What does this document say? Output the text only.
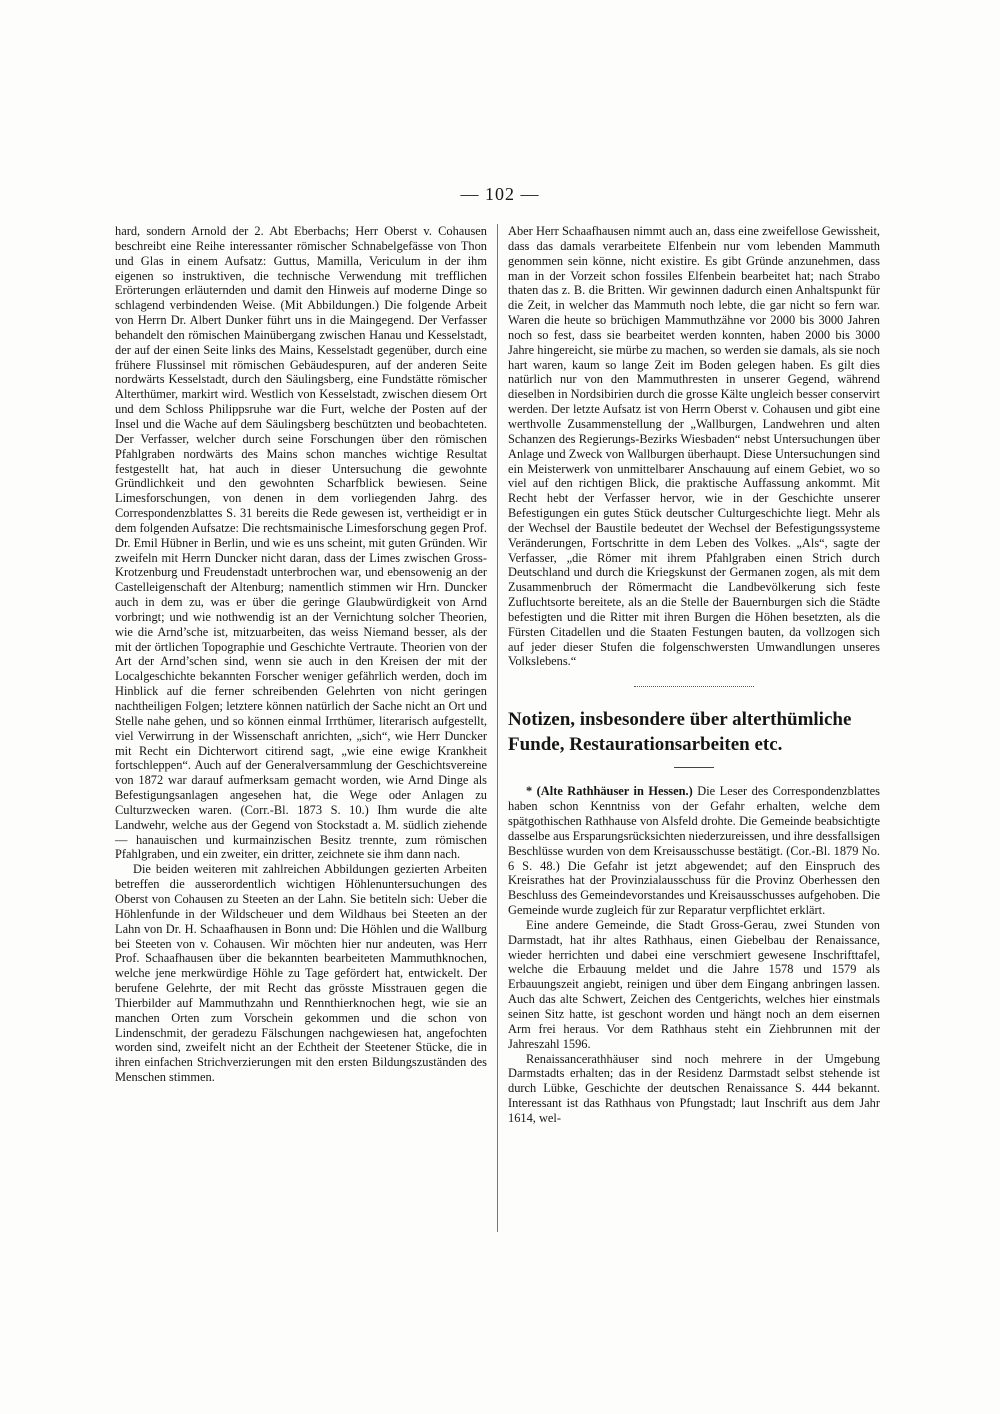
— 102 —

hard, sondern Arnold der 2. Abt Eberbachs; Herr Oberst v. Cohausen beschreibt eine Reihe interessanter römischer Schnabelgefässe von Thon und Glas in einem Aufsatz: Guttus, Mamilla, Vericulum in der ihm eigenen so instruktiven, die technische Verwendung mit trefflichen Erörterungen erläuternden und damit den Hinweis auf moderne Dinge so schlagend verbindenden Weise. (Mit Abbildungen.) Die folgende Arbeit von Herrn Dr. Albert Dunker führt uns in die Maingegend. Der Verfasser behandelt den römischen Mainübergang zwischen Hanau und Kesselstadt, der auf der einen Seite links des Mains, Kesselstadt gegenüber, durch eine frühere Flussinsel mit römischen Gebäudespuren, auf der anderen Seite nordwärts Kesselstadt, durch den Säulingsberg, eine Fundstätte römischer Alterthümer, markirt wird. Westlich von Kesselstadt, zwischen diesem Ort und dem Schloss Philippsruhe war die Furt, welche der Posten auf der Insel und die Wache auf dem Säulingsberg beschützten und beobachteten. Der Verfasser, welcher durch seine Forschungen über den römischen Pfahlgraben nordwärts des Mains schon manches wichtige Resultat festgestellt hat, hat auch in dieser Untersuchung die gewohnte Gründlichkeit und den gewohnten Scharfblick bewiesen. Seine Limesforschungen, von denen in dem vorliegenden Jahrg. des Correspondenzblattes S. 31 bereits die Rede gewesen ist, vertheidigt er in dem folgenden Aufsatze: Die rechtsmainische Limesforschung gegen Prof. Dr. Emil Hübner in Berlin, und wie es uns scheint, mit guten Gründen. Wir zweifeln mit Herrn Duncker nicht daran, dass der Limes zwischen Gross-Krotzenburg und Freudenstadt unterbrochen war, und ebensowenig an der Castelleigenschaft der Altenburg; namentlich stimmen wir Hrn. Duncker auch in dem zu, was er über die geringe Glaubwürdigkeit von Arnd vorbringt; und wie nothwendig ist an der Vernichtung solcher Theorien, wie die Arnd’sche ist, mitzuarbeiten, das weiss Niemand besser, als der mit der örtlichen Topographie und Geschichte Vertraute. Theorien von der Art der Arnd’schen sind, wenn sie auch in den Kreisen der mit der Localgeschichte bekannten Forscher weniger gefährlich werden, doch im Hinblick auf die ferner schreibenden Gelehrten von nicht geringen nachtheiligen Folgen; letztere können natürlich der Sache nicht an Ort und Stelle nahe gehen, und so können einmal Irrthümer, literarisch aufgestellt, viel Verwirrung in der Wissenschaft anrichten, „sich“, wie Herr Duncker mit Recht ein Dichterwort citirend sagt, „wie eine ewige Krankheit fortschleppen“. Auch auf der Generalversammlung der Geschichtsvereine von 1872 war darauf aufmerksam gemacht worden, wie Arnd Dinge als Befestigungsanlagen angesehen hat, die Wege oder Anlagen zu Culturzwecken waren. (Corr.-Bl. 1873 S. 10.) Ihm wurde die alte Landwehr, welche aus der Gegend von Stockstadt a. M. südlich ziehende — hanauischen und kurmainzischen Besitz trennte, zum römischen Pfahlgraben, und ein zweiter, ein dritter, zeichnete sie ihm dann nach.

Die beiden weiteren mit zahlreichen Abbildungen gezierten Arbeiten betreffen die ausserordentlich wichtigen Höhlenuntersuchungen des Oberst von Cohausen zu Steeten an der Lahn. Sie betiteln sich: Ueber die Höhlenfunde in der Wildscheuer und dem Wildhaus bei Steeten an der Lahn von Dr. H. Schaafhausen in Bonn und: Die Höhlen und die Wallburg bei Steeten von v. Cohausen. Wir möchten hier nur andeuten, was Herr Prof. Schaafhausen über die bekannten bearbeiteten Mammuthknochen, welche jene merkwürdige Höhle zu Tage gefördert hat, entwickelt. Der berufene Gelehrte, der mit Recht das grösste Misstrauen gegen die Thierbilder auf Mammuthzahn und Rennthierknochen hegt, wie sie an manchen Orten zum Vorschein gekommen und die schon von Lindenschmit, der geradezu Fälschungen nachgewiesen hat, angefochten worden sind, zweifelt nicht an der Echtheit der Steetener Stücke, die in ihren einfachen Strichverzierungen mit den ersten Bildungszuständen des Menschen stimmen.

Aber Herr Schaafhausen nimmt auch an, dass eine zweifellose Gewissheit, dass das damals verarbeitete Elfenbein nur vom lebenden Mammuth genommen sein könne, nicht existire. Es gibt Gründe anzunehmen, dass man in der Vorzeit schon fossiles Elfenbein bearbeitet hat; nach Strabo thaten das z. B. die Britten. Wir gewinnen dadurch einen Anhaltspunkt für die Zeit, in welcher das Mammuth noch lebte, die gar nicht so fern war. Waren die heute so brüchigen Mammuthzähne vor 2000 bis 3000 Jahren noch so fest, dass sie bearbeitet werden konnten, haben 2000 bis 3000 Jahre hingereicht, sie mürbe zu machen, so werden sie damals, als sie noch hart waren, kaum so lange Zeit im Boden gelegen haben. Es gilt dies natürlich nur von den Mammuthresten in unserer Gegend, während dieselben in Nordsibirien durch die grosse Kälte ungleich besser conservirt werden. Der letzte Aufsatz ist von Herrn Oberst v. Cohausen und gibt eine werthvolle Zusammenstellung der „Wallburgen, Landwehren und alten Schanzen des Regierungs-Bezirks Wiesbaden“ nebst Untersuchungen über Anlage und Zweck von Wallburgen überhaupt. Diese Untersuchungen sind ein Meisterwerk von unmittelbarer Anschauung auf einem Gebiet, wo so viel auf den richtigen Blick, die praktische Auffassung ankommt. Mit Recht hebt der Verfasser hervor, wie in der Geschichte unserer Befestigungen ein gutes Stück deutscher Culturgeschichte liegt. Mehr als der Wechsel der Baustile bedeutet der Wechsel der Befestigungssysteme Veränderungen, Fortschritte in dem Leben des Volkes. „Als“, sagte der Verfasser, „die Römer mit ihrem Pfahlgraben einen Strich durch Deutschland und durch die Kriegskunst der Germanen zogen, als mit dem Zusammenbruch der Römermacht die Landbevölkerung sich feste Zufluchtsorte bereitete, als an die Stelle der Bauernburgen sich die Städte befestigten und die Ritter mit ihren Burgen die Höhen besetzten, als die Fürsten Citadellen und die Staaten Festungen bauten, da vollzogen sich auf jeder dieser Stufen die folgenschwersten Umwandlungen unseres Volkslebens.“

Notizen, insbesondere über alterthümliche Funde, Restaurationsarbeiten etc.

* (Alte Rathhäuser in Hessen.) Die Leser des Correspondenzblattes haben schon Kenntniss von der Gefahr erhalten, welche dem spätgothischen Rathhause von Alsfeld drohte. Die Gemeinde beabsichtigte dasselbe aus Ersparungsrücksichten niederzureissen, und ihre dessfallsigen Beschlüsse wurden von dem Kreisausschusse bestätigt. (Cor.-Bl. 1879 No. 6 S. 48.) Die Gefahr ist jetzt abgewendet; auf den Einspruch des Kreisrathes hat der Provinzialausschuss für die Provinz Oberhessen den Beschluss des Gemeindevorstandes und Kreisausschusses aufgehoben. Die Gemeinde wurde zugleich für zur Reparatur verpflichtet erklärt.

Eine andere Gemeinde, die Stadt Gross-Gerau, zwei Stunden von Darmstadt, hat ihr altes Rathhaus, einen Giebelbau der Renaissance, wieder herrichten und dabei eine verschmiert gewesene Inschrifttafel, welche die Erbauung meldet und die Jahre 1578 und 1579 als Erbauungszeit angiebt, reinigen und über dem Eingang anbringen lassen. Auch das alte Schwert, Zeichen des Centgerichts, welches hier einstmals seinen Sitz hatte, ist geschont worden und hängt noch an dem eisernen Arm frei heraus. Vor dem Rathhaus steht ein Ziehbrunnen mit der Jahreszahl 1596.

Renaissancerathhäuser sind noch mehrere in der Umgebung Darmstadts erhalten; das in der Residenz Darmstadt selbst stehende ist durch Lübke, Geschichte der deutschen Renaissance S. 444 bekannt. Interessant ist das Rathhaus von Pfungstadt; laut Inschrift aus dem Jahr 1614, wel-
